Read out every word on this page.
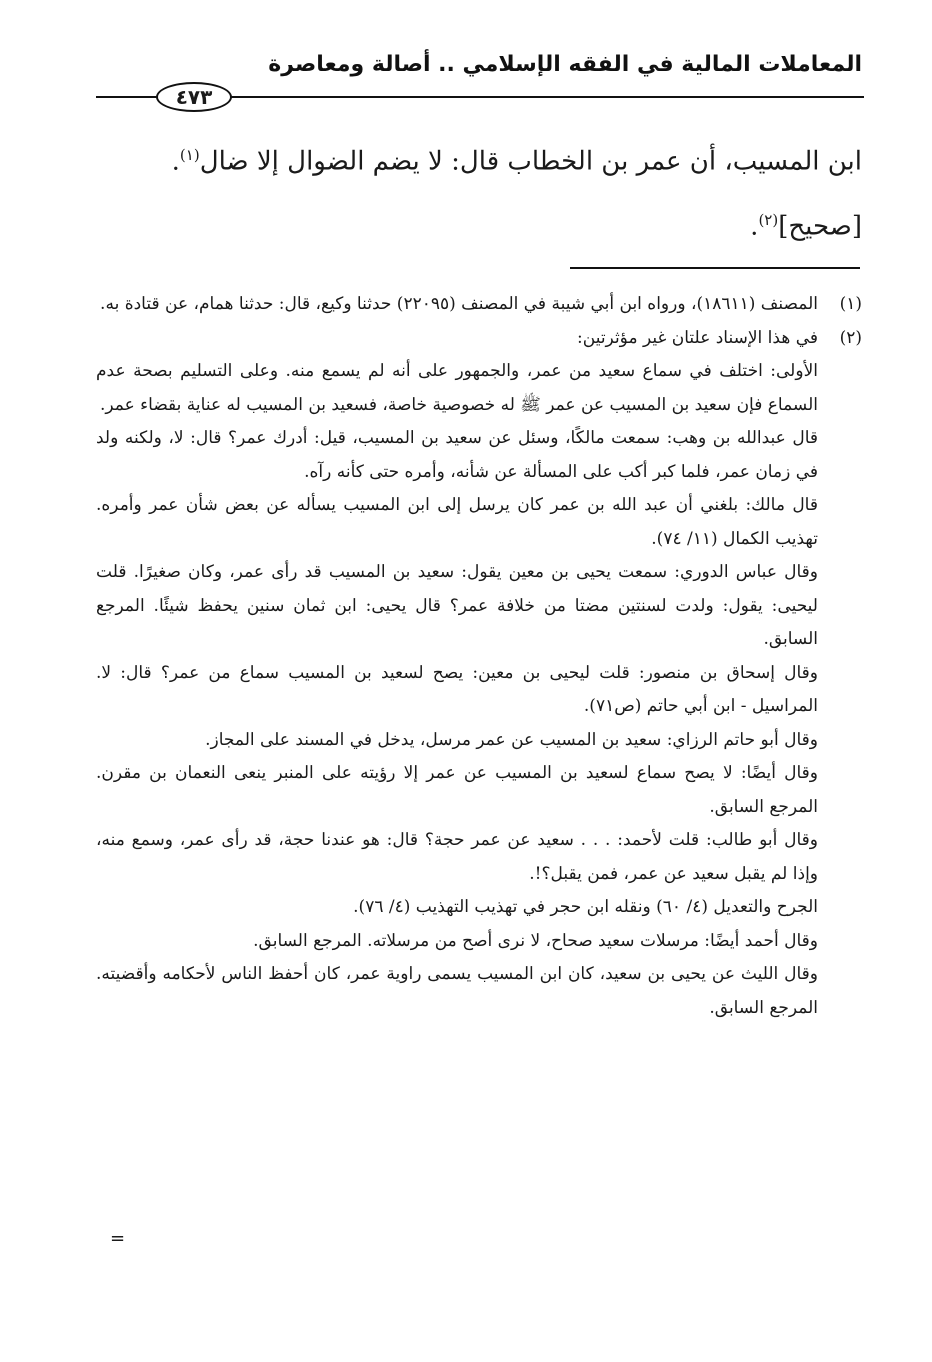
المعاملات المالية في الفقه الإسلامي .. أصالة ومعاصرة
٤٧٣
ابن المسيب، أن عمر بن الخطاب قال: لا يضم الضوال إلا ضال$^{(١)}$.
[صحيح]$^{(٢)}$.
(١)
المصنف (١٨٦١١)، ورواه ابن أبي شيبة في المصنف (٢٢٠٩٥) حدثنا وكيع، قال: حدثنا همام، عن قتادة به.
(٢)
في هذا الإسناد علتان غير مؤثرتين:
الأولى: اختلف في سماع سعيد من عمر، والجمهور على أنه لم يسمع منه. وعلى التسليم بصحة عدم السماع فإن سعيد بن المسيب عن عمر ﷺ له خصوصية خاصة، فسعيد بن المسيب له عناية بقضاء عمر.
قال عبدالله بن وهب: سمعت مالكًا، وسئل عن سعيد بن المسيب، قيل: أدرك عمر؟ قال: لا، ولكنه ولد في زمان عمر، فلما كبر أكب على المسألة عن شأنه، وأمره حتى كأنه رآه.
قال مالك: بلغني أن عبد الله بن عمر كان يرسل إلى ابن المسيب يسأله عن بعض شأن عمر وأمره. تهذيب الكمال (١١/ ٧٤).
وقال عباس الدوري: سمعت يحيى بن معين يقول: سعيد بن المسيب قد رأى عمر، وكان صغيرًا. قلت ليحيى: يقول: ولدت لسنتين مضتا من خلافة عمر؟ قال يحيى: ابن ثمان سنين يحفظ شيئًا. المرجع السابق.
وقال إسحاق بن منصور: قلت ليحيى بن معين: يصح لسعيد بن المسيب سماع من عمر؟ قال: لا. المراسيل - ابن أبي حاتم (ص٧١).
وقال أبو حاتم الرزاي: سعيد بن المسيب عن عمر مرسل، يدخل في المسند على المجاز.
وقال أيضًا: لا يصح سماع لسعيد بن المسيب عن عمر إلا رؤيته على المنبر ينعى النعمان بن مقرن. المرجع السابق.
وقال أبو طالب: قلت لأحمد: . . . سعيد عن عمر حجة؟ قال: هو عندنا حجة، قد رأى عمر، وسمع منه، وإذا لم يقبل سعيد عن عمر، فمن يقبل؟!.
الجرح والتعديل (٤/ ٦٠) ونقله ابن حجر في تهذيب التهذيب (٤/ ٧٦).
وقال أحمد أيضًا: مرسلات سعيد صحاح، لا نرى أصح من مرسلاته. المرجع السابق.
وقال الليث عن يحيى بن سعيد، كان ابن المسيب يسمى راوية عمر، كان أحفظ الناس لأحكامه وأقضيته. المرجع السابق.
=
